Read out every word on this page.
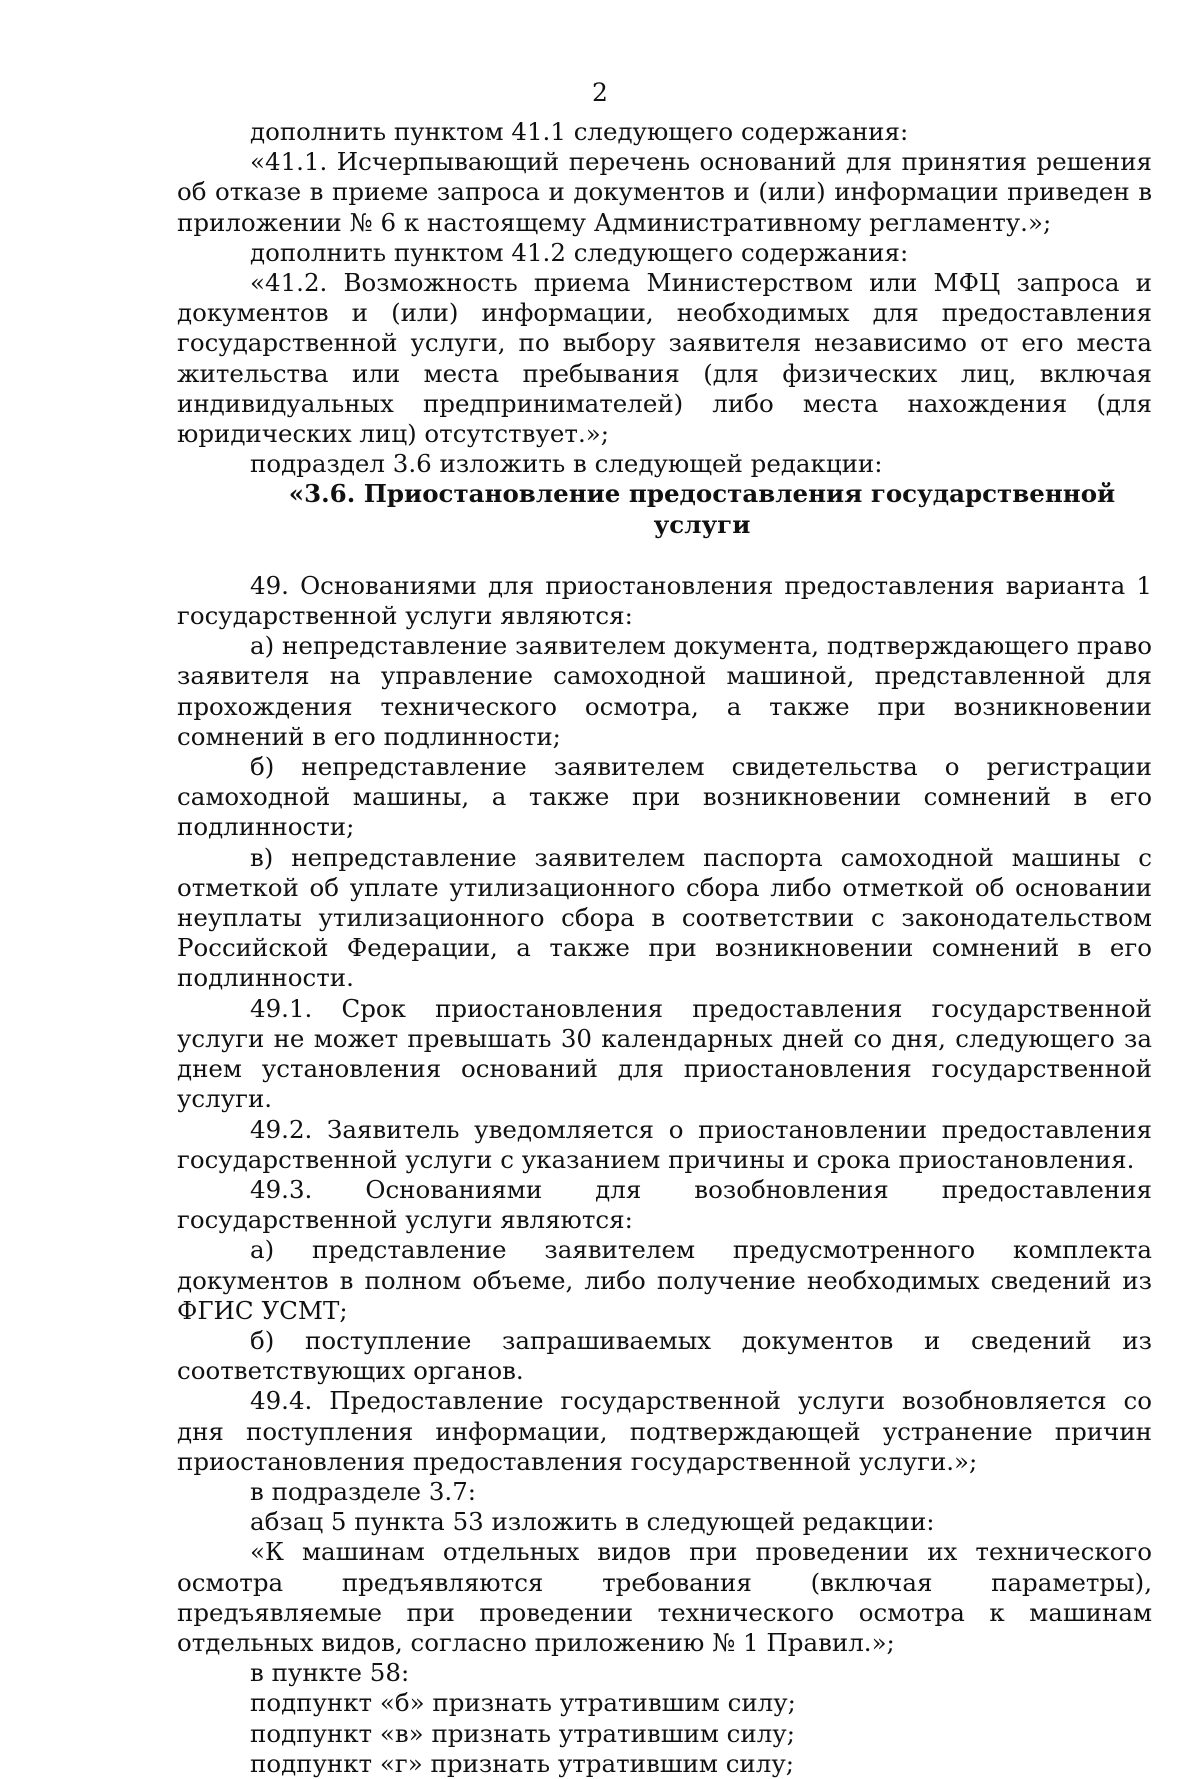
2

дополнить пунктом 41.1 следующего содержания:

«41.1. Исчерпывающий перечень оснований для принятия решения об отказе в приеме запроса и документов и (или) информации приведен в приложении № 6 к настоящему Административному регламенту.»;

дополнить пунктом 41.2 следующего содержания:

«41.2. Возможность приема Министерством или МФЦ запроса и документов и (или) информации, необходимых для предоставления государственной услуги, по выбору заявителя независимо от его места жительства или места пребывания (для физических лиц, включая индивидуальных предпринимателей) либо места нахождения (для юридических лиц) отсутствует.»;

подраздел 3.6 изложить в следующей редакции:

«3.6. Приостановление предоставления государственной услуги

49. Основаниями для приостановления предоставления варианта 1 государственной услуги являются:

а) непредставление заявителем документа, подтверждающего право заявителя на управление самоходной машиной, представленной для прохождения технического осмотра, а также при возникновении сомнений в его подлинности;

б) непредставление заявителем свидетельства о регистрации самоходной машины, а также при возникновении сомнений в его подлинности;

в) непредставление заявителем паспорта самоходной машины с отметкой об уплате утилизационного сбора либо отметкой об основании неуплаты утилизационного сбора в соответствии с законодательством Российской Федерации, а также при возникновении сомнений в его подлинности.

49.1. Срок приостановления предоставления государственной услуги не может превышать 30 календарных дней со дня, следующего за днем установления оснований для приостановления государственной услуги.

49.2. Заявитель уведомляется о приостановлении предоставления государственной услуги с указанием причины и срока приостановления.

49.3. Основаниями для возобновления предоставления государственной услуги являются:

а) представление заявителем предусмотренного комплекта документов в полном объеме, либо получение необходимых сведений из ФГИС УСМТ;

б) поступление запрашиваемых документов и сведений из соответствующих органов.

49.4. Предоставление государственной услуги возобновляется со дня поступления информации, подтверждающей устранение причин приостановления предоставления государственной услуги.»;

в подразделе 3.7:

абзац 5 пункта 53 изложить в следующей редакции:

«К машинам отдельных видов при проведении их технического осмотра предъявляются требования (включая параметры), предъявляемые при проведении технического осмотра к машинам отдельных видов, согласно приложению № 1 Правил.»;

в пункте 58:

подпункт «б» признать утратившим силу;

подпункт «в» признать утратившим силу;

подпункт «г» признать утратившим силу;
